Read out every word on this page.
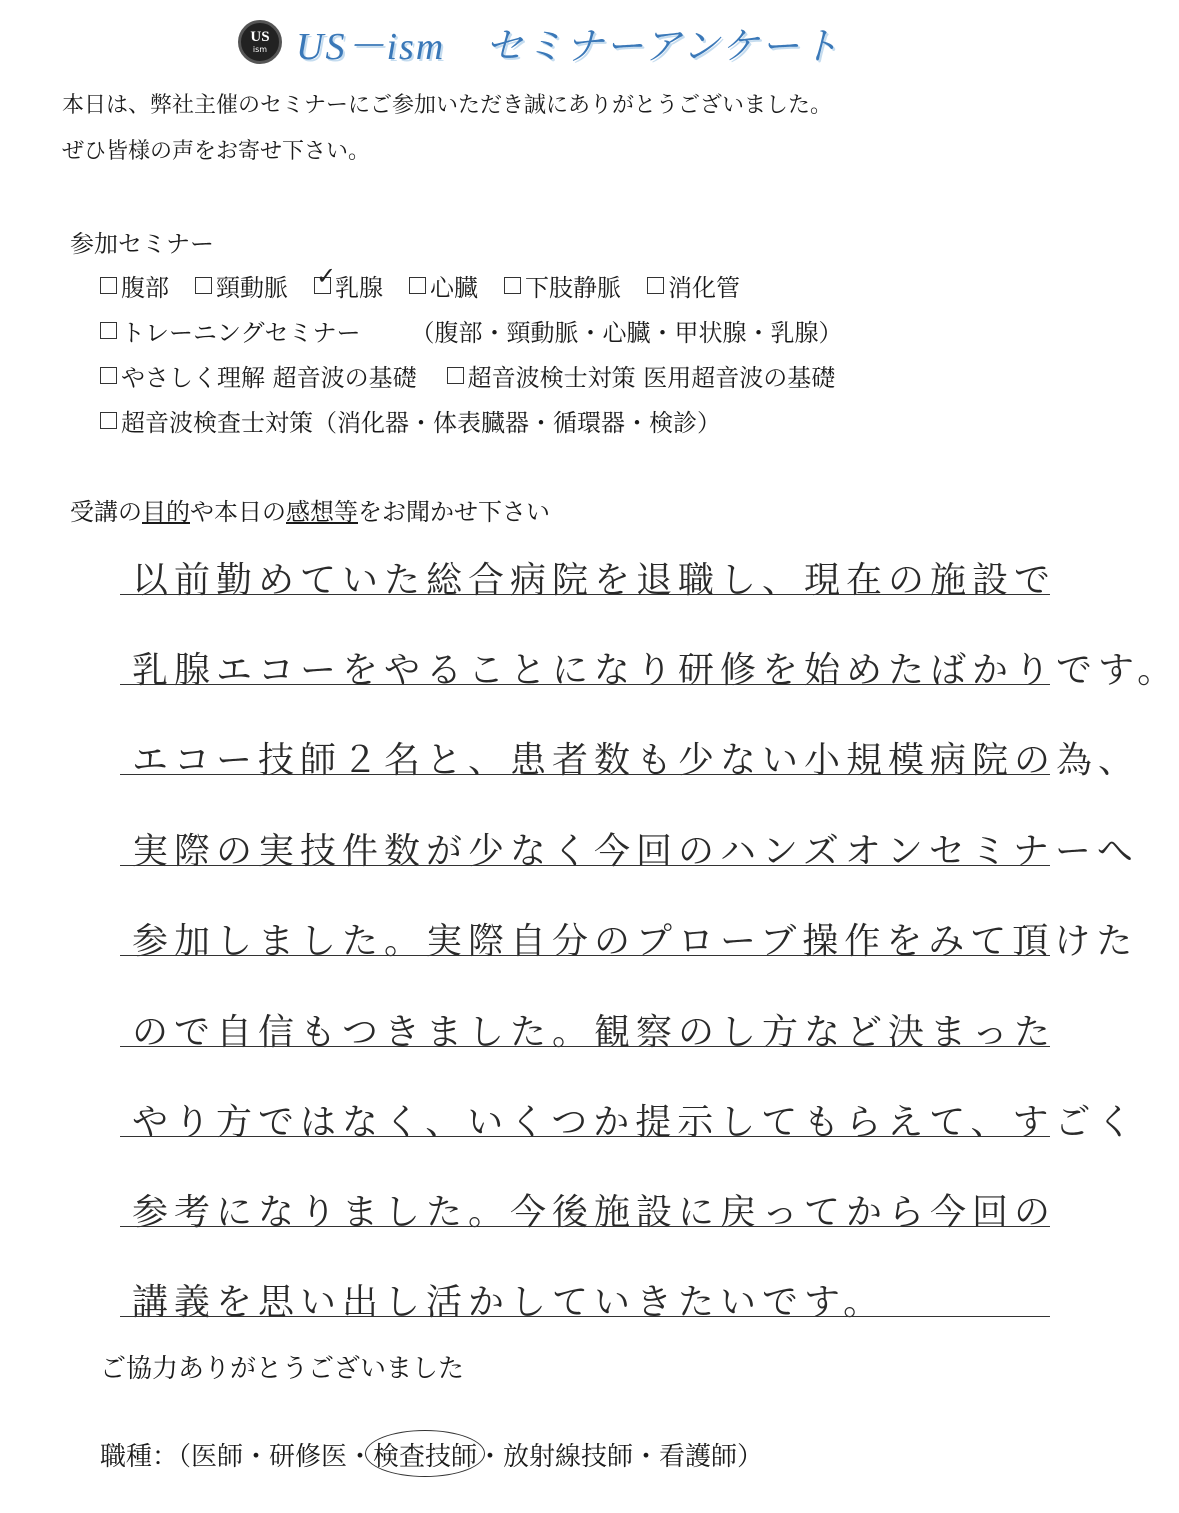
US
ism US－ism　セミナーアンケート
本日は、弊社主催のセミナーにご参加いただき誠にありがとうございました。
ぜひ皆様の声をお寄せ下さい。
参加セミナー
腹部 頸動脈 ✓
乳腺 心臓 下肢静脈 消化管
トレーニングセミナー （腹部・頸動脈・心臓・甲状腺・乳腺）
やさしく理解 超音波の基礎 超音波検士対策 医用超音波の基礎
超音波検査士対策（消化器・体表臓器・循環器・検診）
受講の目的や本日の感想等をお聞かせ下さい
以前勤めていた総合病院を退職し、現在の施設で
乳腺エコーをやることになり研修を始めたばかりです。
エコー技師２名と、患者数も少ない小規模病院の為、
実際の実技件数が少なく今回のハンズオンセミナーへ
参加しました。実際自分のプローブ操作をみて頂けた
ので自信もつきました。観察のし方など決まった
やり方ではなく、いくつか提示してもらえて、すごく
参考になりました。今後施設に戻ってから今回の
講義を思い出し活かしていきたいです。
ご協力ありがとうございました
職種：（医師・研修医・検査技師・放射線技師・看護師）
